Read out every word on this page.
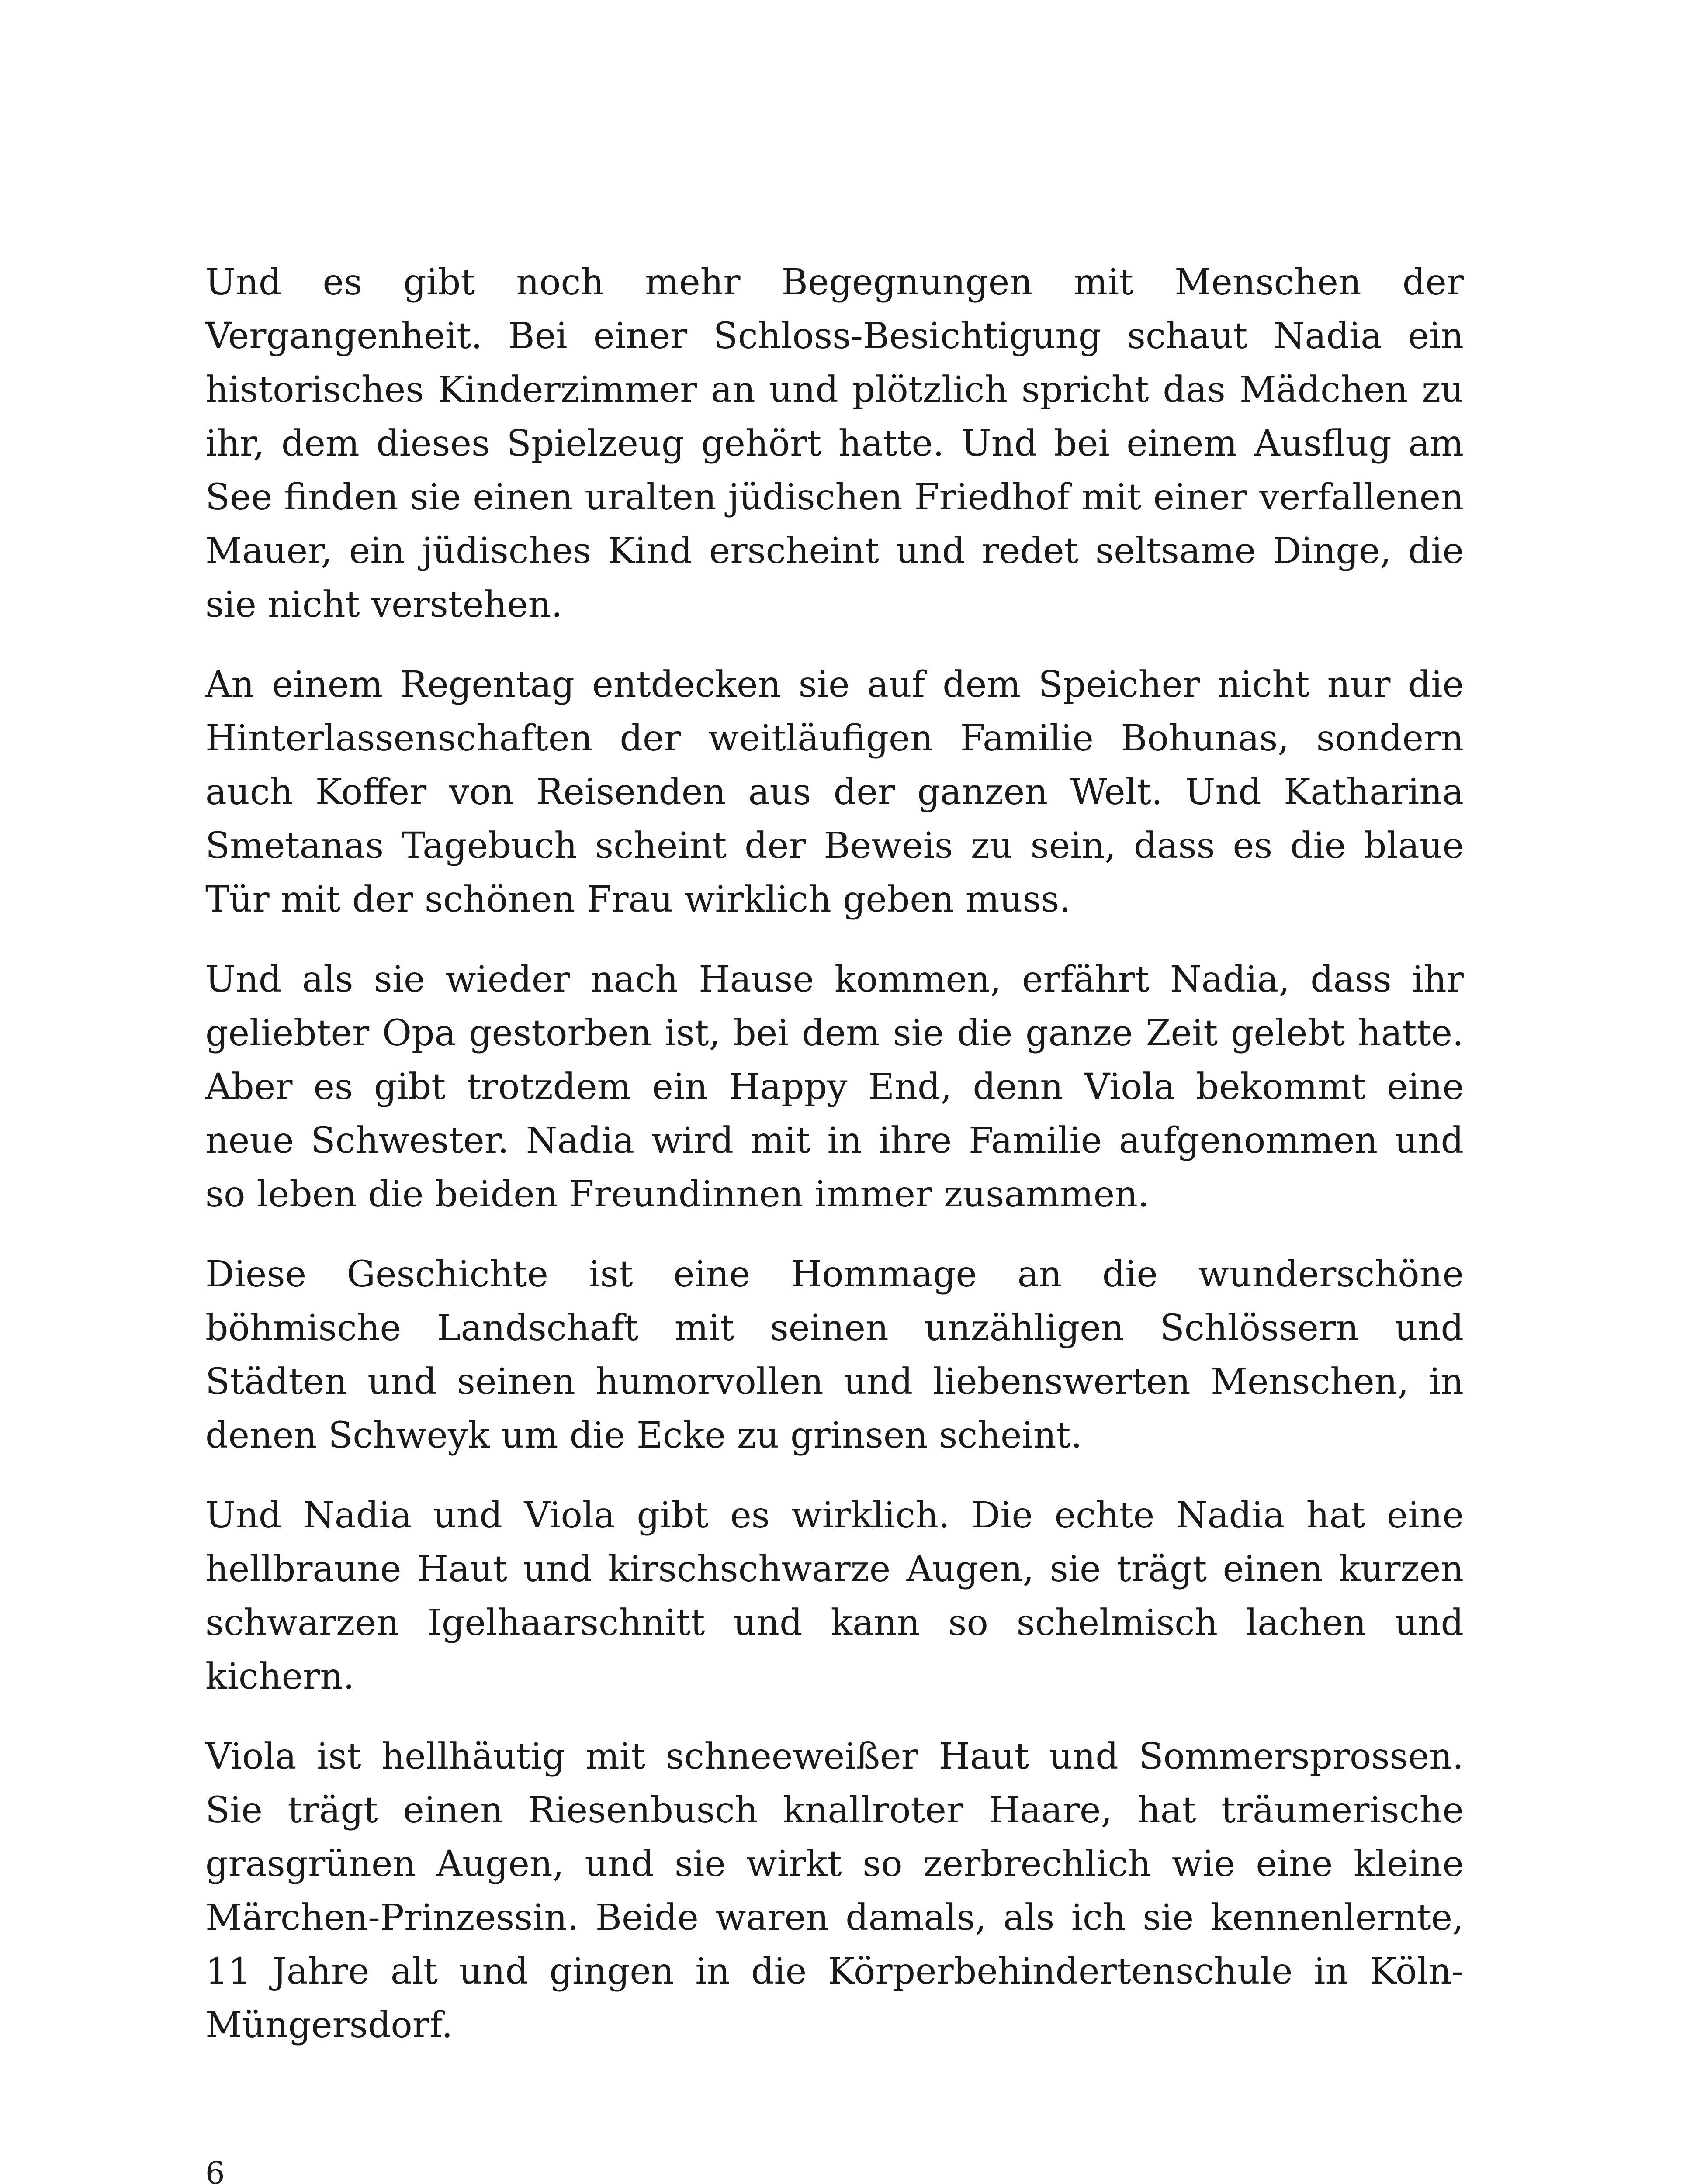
Und es gibt noch mehr Begegnungen mit Menschen der Vergangenheit. Bei einer Schloss-Besichtigung schaut Nadia ein historisches Kinderzimmer an und plötzlich spricht das Mädchen zu ihr, dem dieses Spielzeug gehört hatte. Und bei einem Ausflug am See finden sie einen uralten jüdischen Friedhof mit einer verfallenen Mauer, ein jüdisches Kind erscheint und redet seltsame Dinge, die sie nicht verstehen.

An einem Regentag entdecken sie auf dem Speicher nicht nur die Hinterlassenschaften der weitläufigen Familie Bohunas, sondern auch Koffer von Reisenden aus der ganzen Welt. Und Katharina Smetanas Tagebuch scheint der Beweis zu sein, dass es die blaue Tür mit der schönen Frau wirklich geben muss.

Und als sie wieder nach Hause kommen, erfährt Nadia, dass ihr geliebter Opa gestorben ist, bei dem sie die ganze Zeit gelebt hatte. Aber es gibt trotzdem ein Happy End, denn Viola bekommt eine neue Schwester. Nadia wird mit in ihre Familie aufgenommen und so leben die beiden Freundinnen immer zusammen.

Diese Geschichte ist eine Hommage an die wunderschöne böhmische Landschaft mit seinen unzähligen Schlössern und Städten und seinen humorvollen und liebenswerten Menschen, in denen Schweyk um die Ecke zu grinsen scheint.

Und Nadia und Viola gibt es wirklich. Die echte Nadia hat eine hellbraune Haut und kirschschwarze Augen, sie trägt einen kurzen schwarzen Igelhaarschnitt und kann so schelmisch lachen und kichern.

Viola ist hellhäutig mit schneeweißer Haut und Sommersprossen. Sie trägt einen Riesenbusch knallroter Haare, hat träumerische grasgrünen Augen, und sie wirkt so zerbrechlich wie eine kleine Märchen-Prinzessin. Beide waren damals, als ich sie kennenlernte, 11 Jahre alt und gingen in die Körperbehindertenschule in Köln-Müngersdorf.

6
